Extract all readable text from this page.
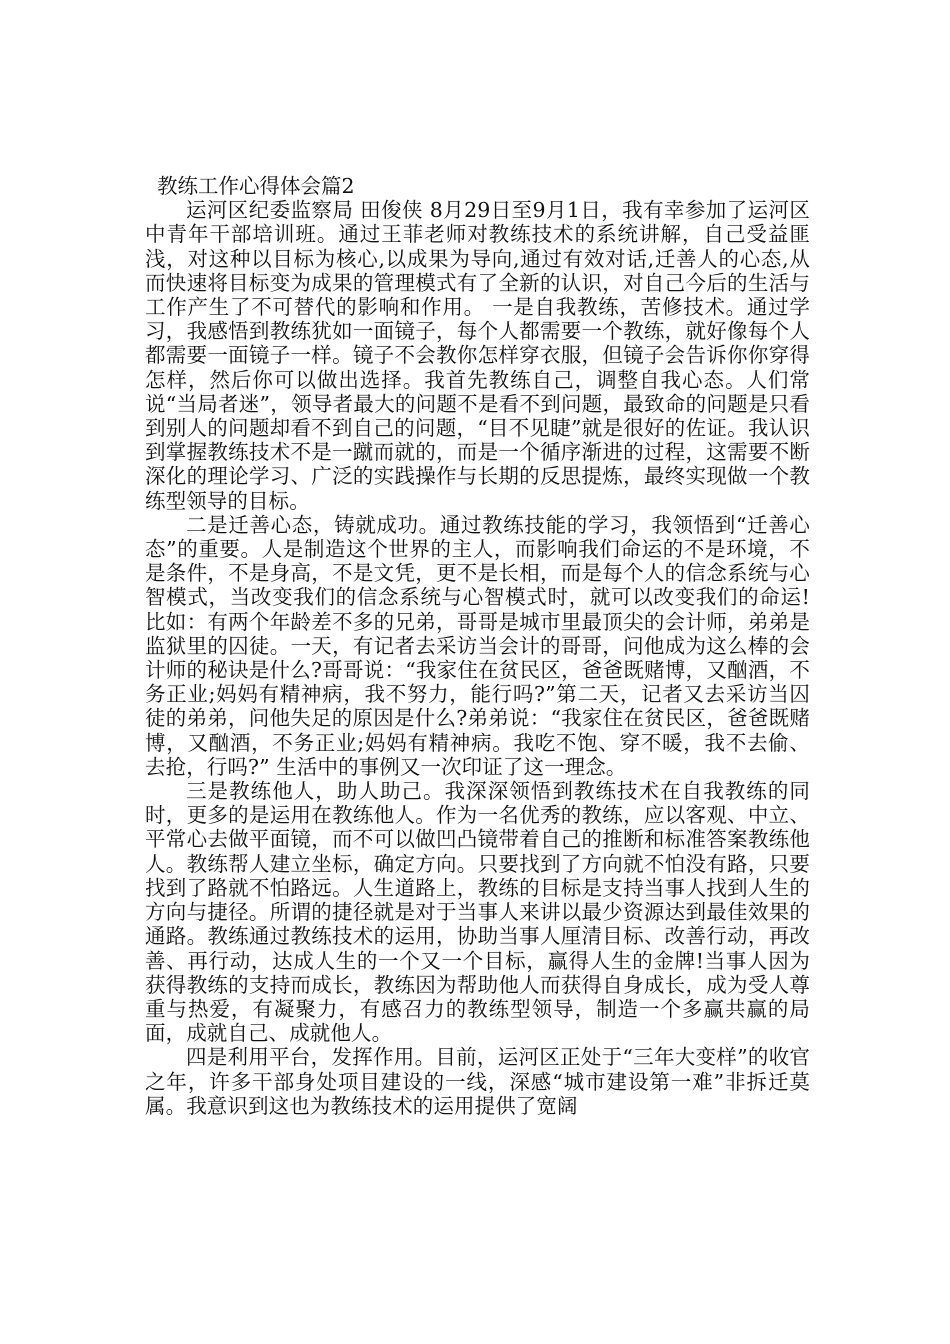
教练工作心得体会篇2

运河区纪委监察局 田俊侠 8月29日至9月1日，我有幸参加了运河区中青年干部培训班。通过王菲老师对教练技术的系统讲解，自己受益匪浅，对这种以目标为核心,以成果为导向,通过有效对话,迁善人的心态,从而快速将目标变为成果的管理模式有了全新的认识，对自己今后的生活与工作产生了不可替代的影响和作用。 一是自我教练，苦修技术。通过学习，我感悟到教练犹如一面镜子，每个人都需要一个教练，就好像每个人都需要一面镜子一样。镜子不会教你怎样穿衣服，但镜子会告诉你你穿得怎样，然后你可以做出选择。我首先教练自己，调整自我心态。人们常说“当局者迷”，领导者最大的问题不是看不到问题，最致命的问题是只看到别人的问题却看不到自己的问题，“目不见睫”就是很好的佐证。我认识到掌握教练技术不是一蹴而就的，而是一个循序渐进的过程，这需要不断深化的理论学习、广泛的实践操作与长期的反思提炼，最终实现做一个教练型领导的目标。

二是迁善心态，铸就成功。通过教练技能的学习，我领悟到“迁善心态”的重要。人是制造这个世界的主人，而影响我们命运的不是环境，不是条件，不是身高，不是文凭，更不是长相，而是每个人的信念系统与心智模式，当改变我们的信念系统与心智模式时，就可以改变我们的命运!比如：有两个年龄差不多的兄弟，哥哥是城市里最顶尖的会计师，弟弟是监狱里的囚徒。一天，有记者去采访当会计的哥哥，问他成为这么棒的会计师的秘诀是什么?哥哥说：“我家住在贫民区，爸爸既赌博，又酗酒，不务正业;妈妈有精神病，我不努力，能行吗?”第二天，记者又去采访当囚徒的弟弟，问他失足的原因是什么?弟弟说：“我家住在贫民区，爸爸既赌博，又酗酒，不务正业;妈妈有精神病。我吃不饱、穿不暖，我不去偷、去抢，行吗?” 生活中的事例又一次印证了这一理念。

三是教练他人，助人助己。我深深领悟到教练技术在自我教练的同时，更多的是运用在教练他人。作为一名优秀的教练，应以客观、中立、平常心去做平面镜，而不可以做凹凸镜带着自己的推断和标准答案教练他人。教练帮人建立坐标，确定方向。只要找到了方向就不怕没有路，只要找到了路就不怕路远。人生道路上，教练的目标是支持当事人找到人生的方向与捷径。所谓的捷径就是对于当事人来讲以最少资源达到最佳效果的通路。教练通过教练技术的运用，协助当事人厘清目标、改善行动，再改善、再行动，达成人生的一个又一个目标，赢得人生的金牌!当事人因为获得教练的支持而成长，教练因为帮助他人而获得自身成长，成为受人尊重与热爱，有凝聚力，有感召力的教练型领导，制造一个多赢共赢的局面，成就自己、成就他人。

四是利用平台，发挥作用。目前，运河区正处于“三年大变样”的收官之年，许多干部身处项目建设的一线，深感“城市建设第一难”非拆迁莫属。我意识到这也为教练技术的运用提供了宽阔
